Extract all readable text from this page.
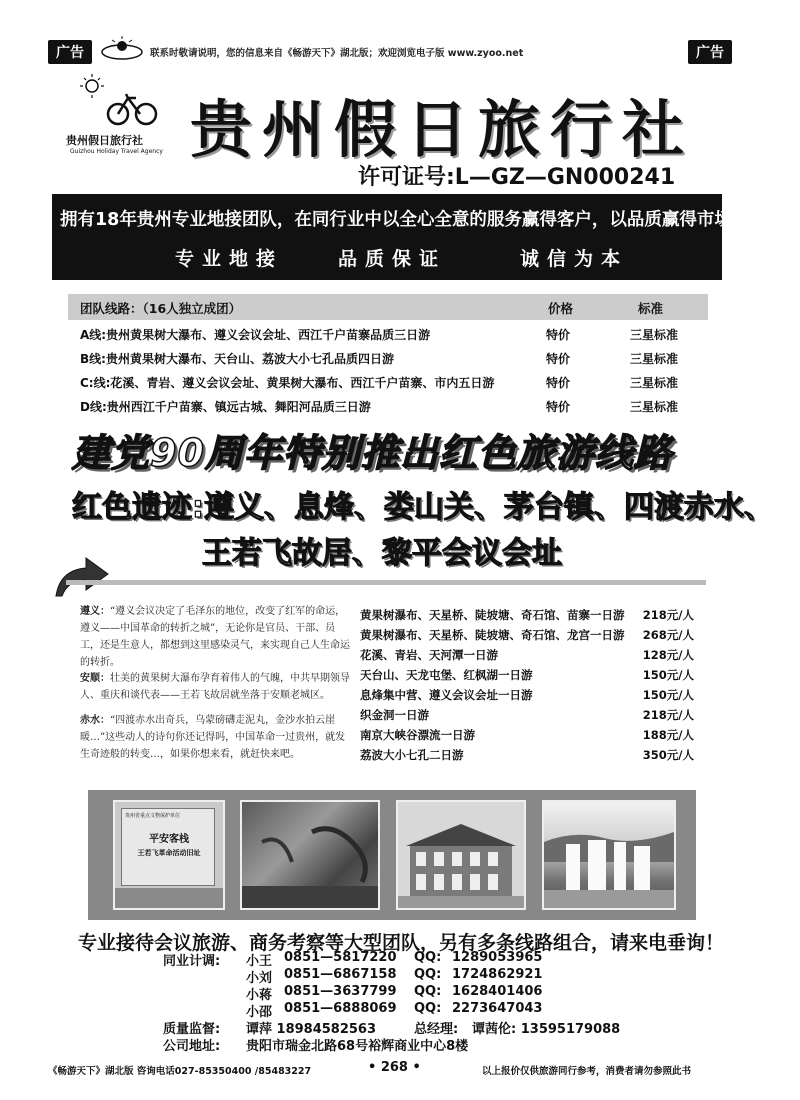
广告	联系时敬请说明，您的信息来自《畅游天下》湖北版；欢迎浏览电子版 www.zyoo.net	广告
贵州假日旅行社
Guizhou Holiday Travel Agency 贵州假日旅行社
许可证号:L—GZ—GN000241
拥有18年贵州专业地接团队，在同行业中以全心全意的服务赢得客户，以品质赢得市场！
专业地接	品质保证	诚信为本
团队线路：（16人独立成团）	价格	标准
A线:贵州黄果树大瀑布、遵义会议会址、西江千户苗寨品质三日游	特价	三星标准
B线:贵州黄果树大瀑布、天台山、荔波大小七孔品质四日游	特价	三星标准
C:线:花溪、青岩、遵义会议会址、黄果树大瀑布、西江千户苗寨、市内五日游	特价	三星标准
D线:贵州西江千户苗寨、镇远古城、舞阳河品质三日游	特价	三星标准
建党90周年特别推出红色旅游线路
红色遗迹:遵义、息烽、娄山关、茅台镇、四渡赤水、
王若飞故居、黎平会议会址
遵义：“遵义会议决定了毛泽东的地位，改变了红军的命运，遵义——中国革命的转折之城”，无论你是官员、干部、员工，还是生意人，都想到这里感染灵气，来实现自己人生命运的转折。
安顺：壮美的黄果树大瀑布孕育着伟人的气魄，中共早期领导人、重庆和谈代表——王若飞故居就坐落于安顺老城区。
赤水：“四渡赤水出奇兵，乌蒙磅礴走泥丸，金沙水拍云崖暖…”这些动人的诗句你还记得吗，中国革命一过贵州，就发生奇迹般的转变…，如果你想来看，就赶快来吧。
黄果树瀑布、天星桥、陡坡塘、奇石馆、苗寨一日游	218元/人
黄果树瀑布、天星桥、陡坡塘、奇石馆、龙宫一日游	268元/人
花溪、青岩、天河潭一日游	128元/人
天台山、天龙屯堡、红枫湖一日游	150元/人
息烽集中营、遵义会议会址一日游	150元/人
织金洞一日游	218元/人
南京大峡谷漂流一日游	188元/人
荔波大小七孔二日游	350元/人
贵州省重点文物保护单位
平安客栈
王若飞革命活动旧址
专业接待会议旅游、商务考察等大型团队，另有多条线路组合，请来电垂询！
同业计调: 小王 0851—5817220 QQ: 1289053965
小刘 0851—6867158 QQ: 1724862921
小蒋 0851—3637799 QQ: 1628401406
小邵 0851—6888069 QQ: 2273647043
质量监督: 谭萍 18984582563	总经理: 谭茜伦: 13595179088
公司地址: 贵阳市瑞金北路68号裕辉商业中心8楼
《畅游天下》湖北版 咨询电话027-85350400 /85483227	• 268 •	以上报价仅供旅游同行参考，消费者请勿参照此书
